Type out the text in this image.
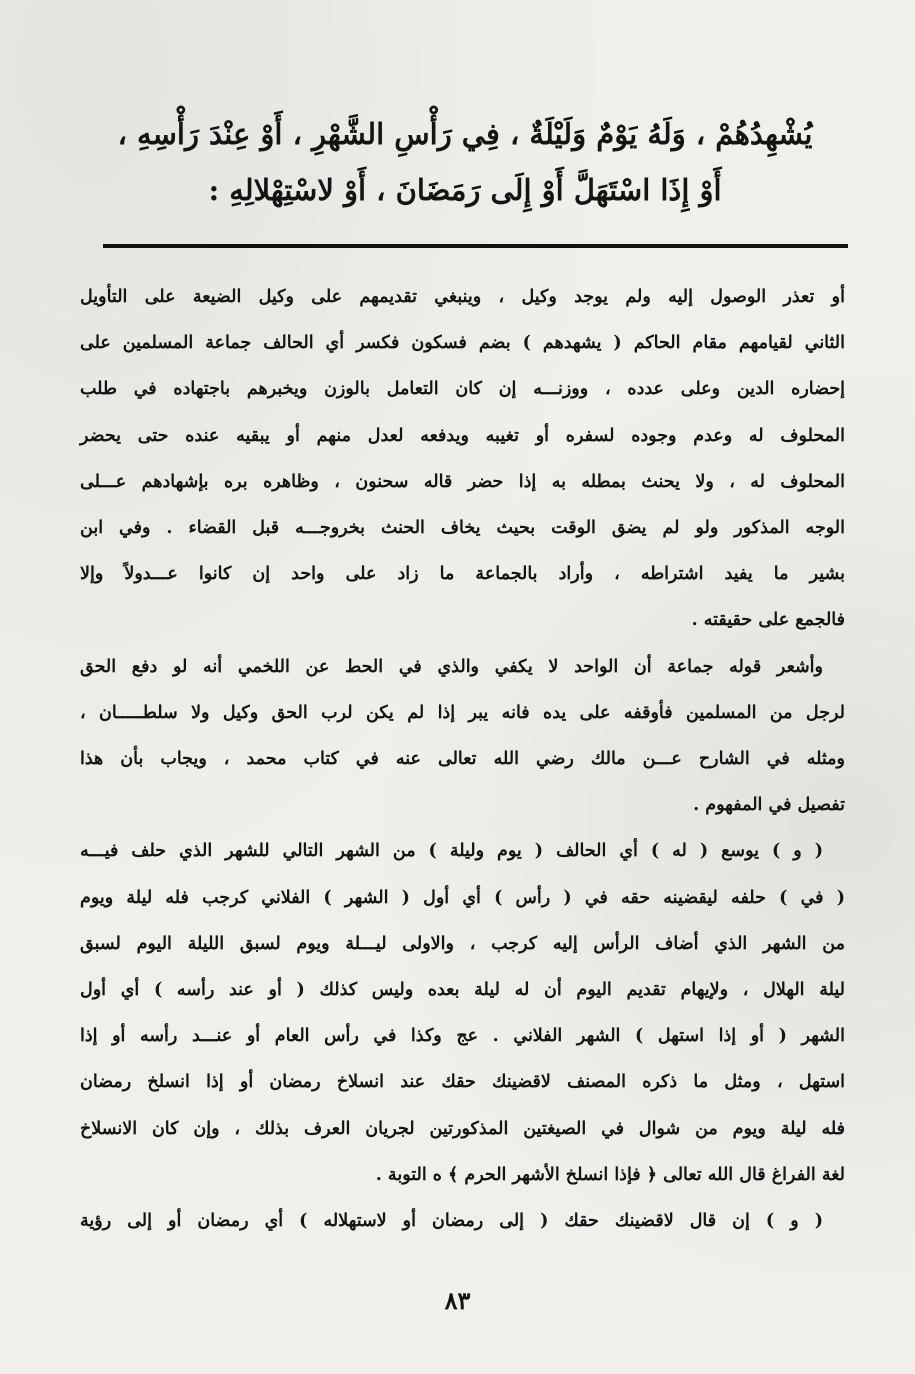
يُشْهِدُهُمْ ، وَلَهُ يَوْمٌ وَلَيْلَةٌ ، فِي رَأْسِ الشَّهْرِ ، أَوْ عِنْدَ رَأْسِهِ ،
أَوْ إِذَا اسْتَهَلَّ أَوْ إِلَى رَمَضَانَ ، أَوْ لاسْتِهْلالِهِ :
أو تعذر الوصول إليه ولم يوجد وكيل ، وينبغي تقديمهم على وكيل الضيعة على التأويل
الثاني لقيامهم مقام الحاكم ( يشهدهم ) بضم فسكون فكسر أي الحالف جماعة المسلمين على
إحضاره الدين وعلى عدده ، ووزنـــه إن كان التعامل بالوزن ويخبرهم باجتهاده في طلب
المحلوف له وعدم وجوده لسفره أو تغيبه ويدفعه لعدل منهم أو يبقيه عنده حتى يحضر
المحلوف له ، ولا يحنث بمطله به إذا حضر قاله سحنون ، وظاهره بره بإشهادهم عـــلى
الوجه المذكور ولو لم يضق الوقت بحيث يخاف الحنث بخروجـــه قبل القضاء . وفي ابن
بشير ما يفيد اشتراطه ، وأراد بالجماعة ما زاد على واحد إن كانوا عـــدولاً وإلا
فالجمع على حقيقته .
وأشعر قوله جماعة أن الواحد لا يكفي والذي في الحط عن اللخمي أنه لو دفع الحق
لرجل من المسلمين فأوقفه على يده فانه يبر إذا لم يكن لرب الحق وكيل ولا سلطـــــان ،
ومثله في الشارح عـــن مالك رضي الله تعالى عنه في كتاب محمد ، ويجاب بأن هذا
تفصيل في المفهوم .
( و ) يوسع ( له ) أي الحالف ( يوم وليلة ) من الشهر التالي للشهر الذي حلف فيـــه
( في ) حلفه ليقضينه حقه في ( رأس ) أي أول ( الشهر ) الفلاني كرجب فله ليلة ويوم
من الشهر الذي أضاف الرأس إليه كرجب ، والاولى ليـــلة ويوم لسبق الليلة اليوم لسبق
ليلة الهلال ، ولإيهام تقديم اليوم أن له ليلة بعده وليس كذلك ( أو عند رأسه ) أي أول
الشهر ( أو إذا استهل ) الشهر الفلاني . عج وكذا في رأس العام أو عنـــد رأسه أو إذا
استهل ، ومثل ما ذكره المصنف لاقضينك حقك عند انسلاخ رمضان أو إذا انسلخ رمضان
فله ليلة ويوم من شوال في الصيغتين المذكورتين لجريان العرف بذلك ، وإن كان الانسلاخ
لغة الفراغ قال الله تعالى ﴿ فإذا انسلخ الأشهر الحرم ﴾ ه التوبة .
( و ) إن قال لاقضينك حقك ( إلى رمضان أو لاستهلاله ) أي رمضان أو إلى رؤية
٨٣
